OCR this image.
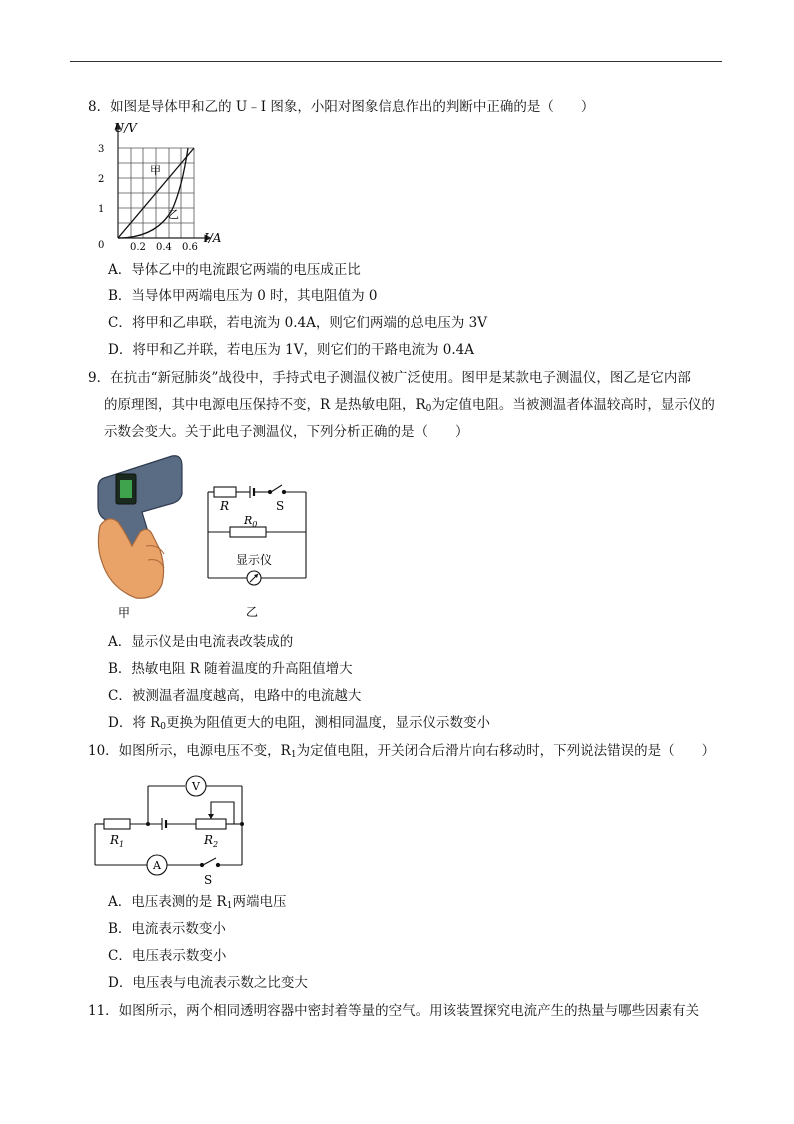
8．如图是导体甲和乙的 U﹣I 图象，小阳对图象信息作出的判断中正确的是（　　）
U/V
I/A
3
2
1
0	0.2 0.4 0.6
甲
乙
A．导体乙中的电流跟它两端的电压成正比
B．当导体甲两端电压为 0 时，其电阻值为 0
C．将甲和乙串联，若电流为 0.4A，则它们两端的总电压为 3V
D．将甲和乙并联，若电压为 1V，则它们的干路电流为 0.4A
9．在抗击“新冠肺炎”战役中，手持式电子测温仪被广泛使用。图甲是某款电子测温仪，图乙是它内部
的原理图，其中电源电压保持不变，R 是热敏电阻，$R_0$为定值电阻。当被测温者体温较高时，显示仪的
示数会变大。关于此电子测温仪，下列分析正确的是（　　）
甲
R	S
$R_0$
显示仪
乙
A．显示仪是由电流表改装成的
B．热敏电阻 R 随着温度的升高阻值增大
C．被测温者温度越高，电路中的电流越大
D．将 $R_0$更换为阻值更大的电阻，测相同温度，显示仪示数变小
10．如图所示，电源电压不变，$R_1$为定值电阻，开关闭合后滑片向右移动时，下列说法错误的是（　　）
V
A
$R_1$	$R_2$
S
A．电压表测的是 $R_1$两端电压
B．电流表示数变小
C．电压表示数变小
D．电压表与电流表示数之比变大
11．如图所示，两个相同透明容器中密封着等量的空气。用该装置探究电流产生的热量与哪些因素有关
